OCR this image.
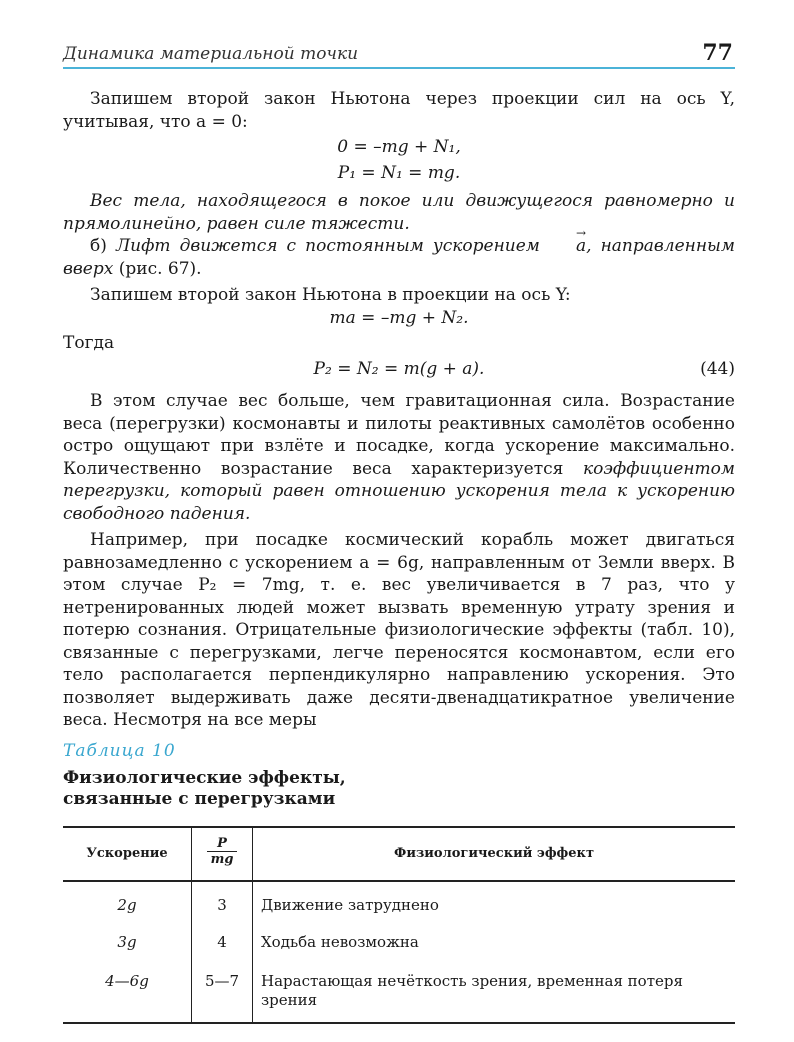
Динамика материальной точки	77

Запишем второй закон Ньютона через проекции сил на ось Y, учитывая, что a = 0:

0 = –mg + N₁,
P₁ = N₁ = mg.

Вес тела, находящегося в покое или движущегося равномерно и прямолинейно, равен силе тяжести.

б) Лифт движется с постоянным ускорением → a, направленным вверх (рис. 67).

Запишем второй закон Ньютона в проекции на ось Y:

ma = –mg + N₂.

Тогда

P₂ = N₂ = m(g + a).	(44)

В этом случае вес больше, чем гравитационная сила. Возрастание веса (перегрузки) космонавты и пилоты реактивных самолётов особенно остро ощущают при взлёте и посадке, когда ускорение максимально. Количественно возрастание веса характеризуется коэффициентом перегрузки, который равен отношению ускорения тела к ускорению свободного падения.

Например, при посадке космический корабль может двигаться равнозамедленно с ускорением a = 6g, направленным от Земли вверх. В этом случае P₂ = 7mg, т. е. вес увеличивается в 7 раз, что у нетренированных людей может вызвать временную утрату зрения и потерю сознания. Отрицательные физиологические эффекты (табл. 10), связанные с перегрузками, легче переносятся космонавтом, если его тело располагается перпендикулярно направлению ускорения. Это позволяет выдерживать даже десяти-двенадцатикратное увеличение веса. Несмотря на все меры

Таблица 10
Физиологические эффекты,
связанные с перегрузками
Ускорение	$\frac{P}{mg}$	Физиологический эффект
2g	3	Движение затруднено
3g	4	Ходьба невозможна
4—6g	5—7	Нарастающая нечёткость зрения, временная потеря зрения
